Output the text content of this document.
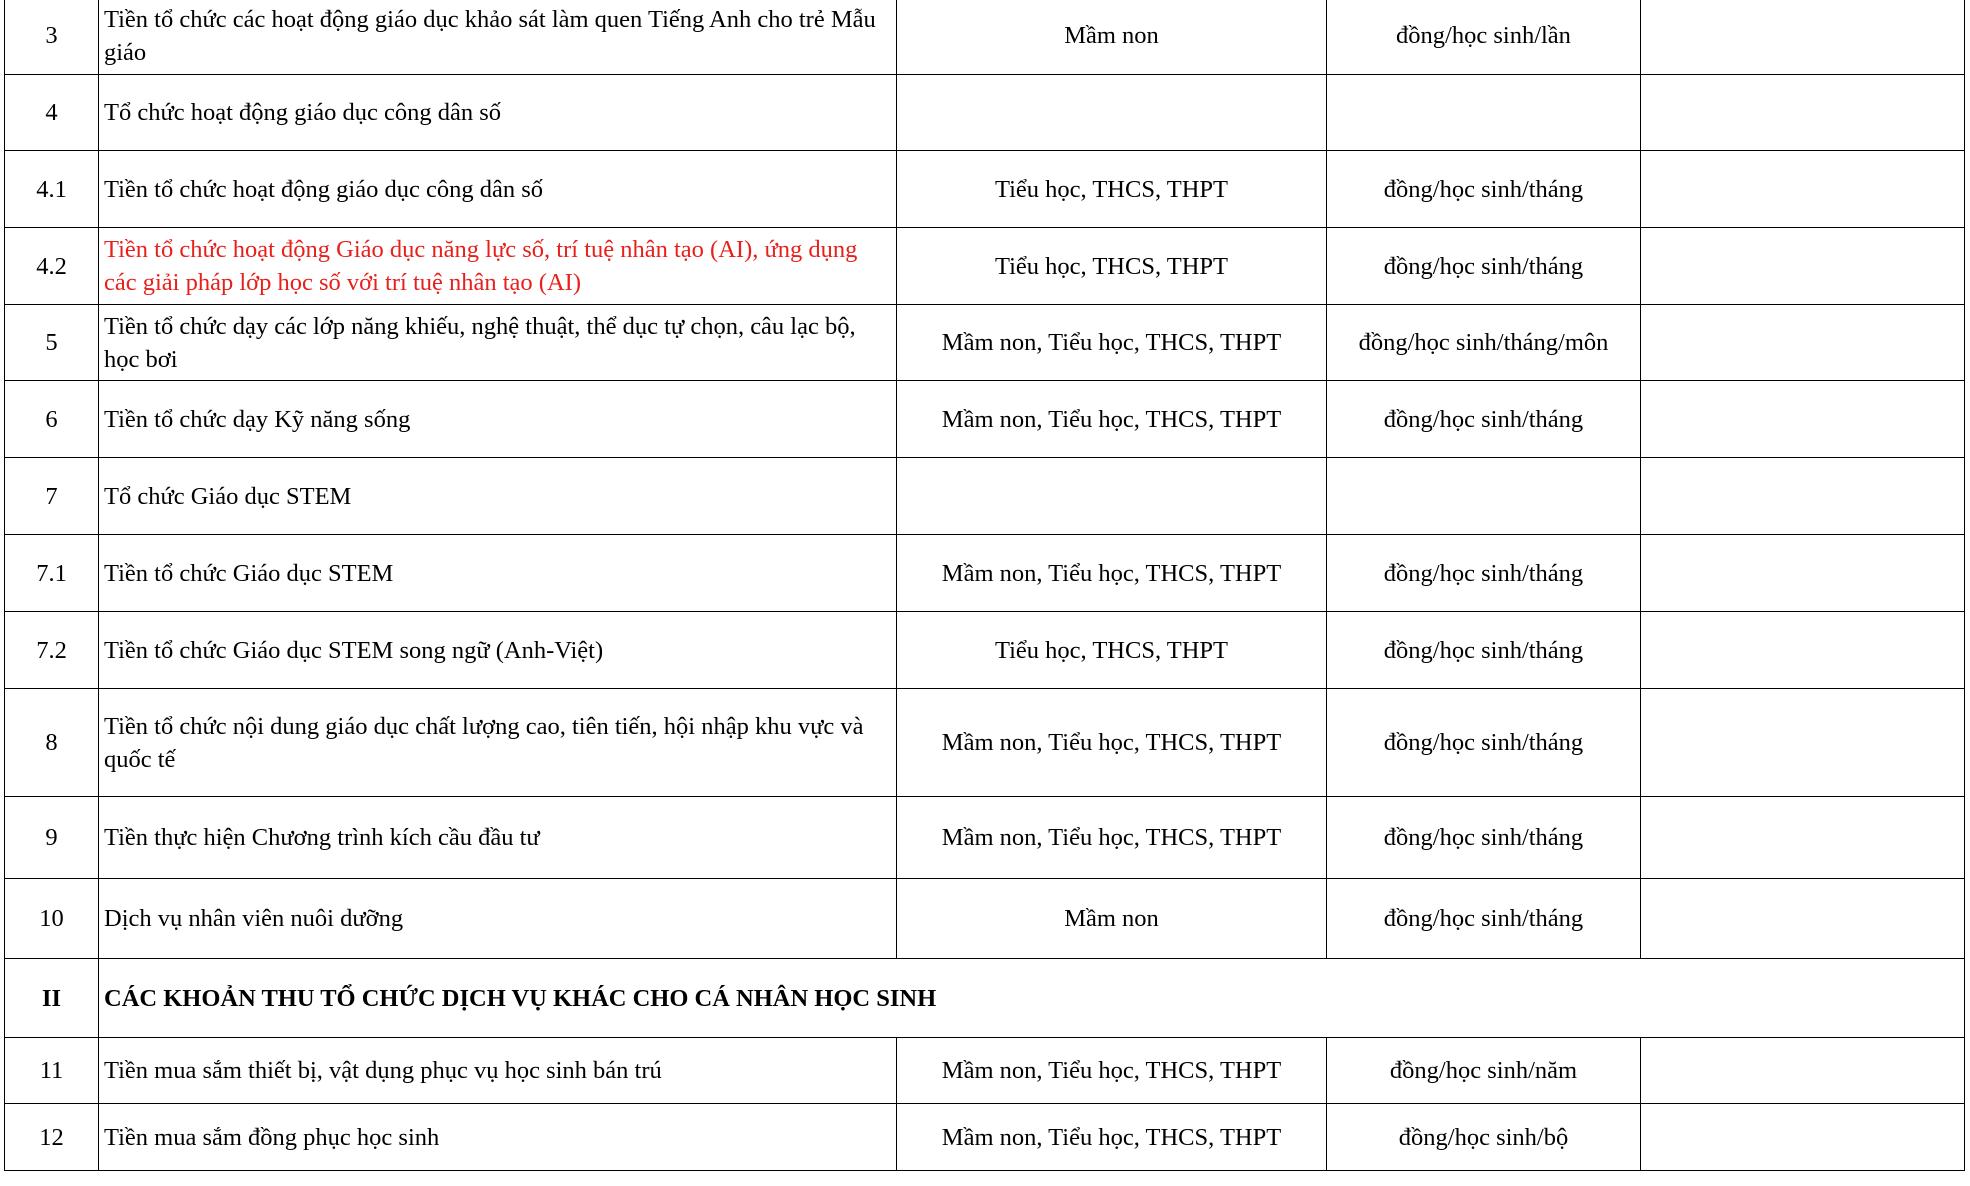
3	Tiền tổ chức các hoạt động giáo dục khảo sát làm quen Tiếng Anh cho trẻ Mẫu giáo	Mầm non	đồng/học sinh/lần	
4	Tổ chức hoạt động giáo dục công dân số			
4.1	Tiền tổ chức hoạt động giáo dục công dân số	Tiểu học, THCS, THPT	đồng/học sinh/tháng	
4.2	Tiền tổ chức hoạt động Giáo dục năng lực số, trí tuệ nhân tạo (AI), ứng dụng các giải pháp lớp học số với trí tuệ nhân tạo (AI)	Tiểu học, THCS, THPT	đồng/học sinh/tháng	
5	Tiền tổ chức dạy các lớp năng khiếu, nghệ thuật, thể dục tự chọn, câu lạc bộ, học bơi	Mầm non, Tiểu học, THCS, THPT	đồng/học sinh/tháng/môn	
6	Tiền tổ chức dạy Kỹ năng sống	Mầm non, Tiểu học, THCS, THPT	đồng/học sinh/tháng	
7	Tổ chức Giáo dục STEM			
7.1	Tiền tổ chức Giáo dục STEM	Mầm non, Tiểu học, THCS, THPT	đồng/học sinh/tháng	
7.2	Tiền tổ chức Giáo dục STEM song ngữ (Anh-Việt)	Tiểu học, THCS, THPT	đồng/học sinh/tháng	
8	Tiền tổ chức nội dung giáo dục chất lượng cao, tiên tiến, hội nhập khu vực và quốc tế	Mầm non, Tiểu học, THCS, THPT	đồng/học sinh/tháng	
9	Tiền thực hiện Chương trình kích cầu đầu tư	Mầm non, Tiểu học, THCS, THPT	đồng/học sinh/tháng	
10	Dịch vụ nhân viên nuôi dưỡng	Mầm non	đồng/học sinh/tháng	
II	CÁC KHOẢN THU TỔ CHỨC DỊCH VỤ KHÁC CHO CÁ NHÂN HỌC SINH			
11	Tiền mua sắm thiết bị, vật dụng phục vụ học sinh bán trú	Mầm non, Tiểu học, THCS, THPT	đồng/học sinh/năm	
12	Tiền mua sắm đồng phục học sinh	Mầm non, Tiểu học, THCS, THPT	đồng/học sinh/bộ	
